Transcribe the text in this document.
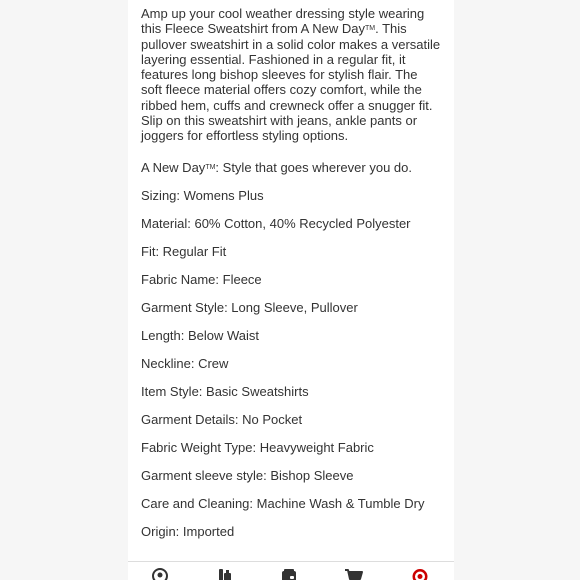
Amp up your cool weather dressing style wearing this Fleece Sweatshirt from A New Day™. This pullover sweatshirt in a solid color makes a versatile layering essential. Fashioned in a regular fit, it features long bishop sleeves for stylish flair. The soft fleece material offers cozy comfort, while the ribbed hem, cuffs and crewneck offer a snugger fit. Slip on this sweatshirt with jeans, ankle pants or joggers for effortless styling options.

A New Day™: Style that goes wherever you do.

Sizing: Womens Plus

Material: 60% Cotton, 40% Recycled Polyester

Fit: Regular Fit

Fabric Name: Fleece

Garment Style: Long Sleeve, Pullover

Length: Below Waist

Neckline: Crew

Item Style: Basic Sweatshirts

Garment Details: No Pocket

Fabric Weight Type: Heavyweight Fabric

Garment sleeve style: Bishop Sleeve

Care and Cleaning: Machine Wash & Tumble Dry

Origin: Imported
